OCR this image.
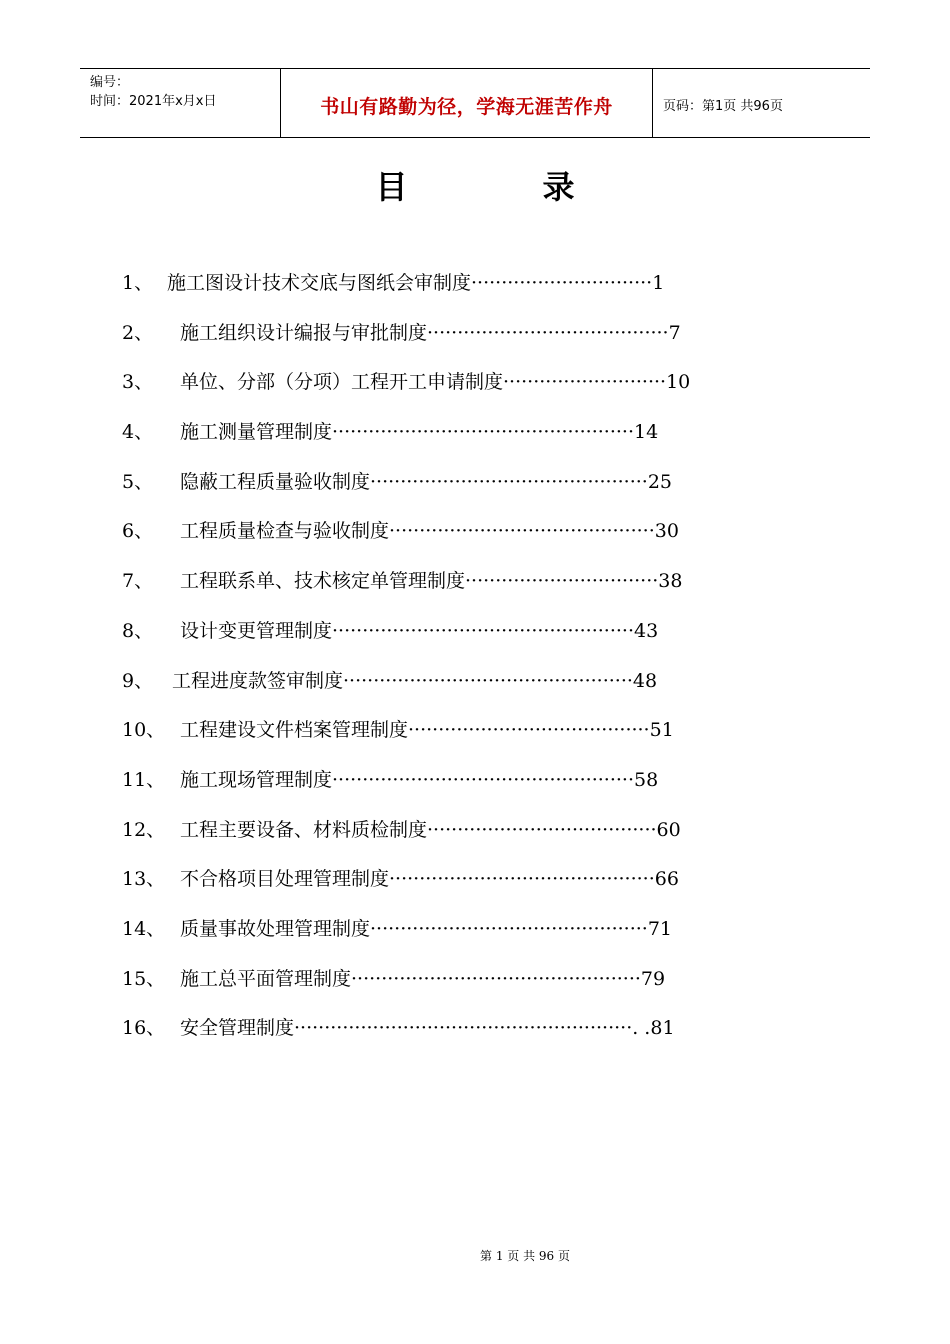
编号：
时间：2021年x月x日	书山有路勤为径，学海无涯苦作舟	页码：第1页 共96页
目	录
1、 施工图设计技术交底与图纸会审制度······························1
2、 施工组织设计编报与审批制度········································7
3、 单位、分部（分项）工程开工申请制度···························10
4、 施工测量管理制度··················································14
5、 隐蔽工程质量验收制度··············································25
6、 工程质量检查与验收制度············································30
7、 工程联系单、技术核定单管理制度································38
8、 设计变更管理制度··················································43
9、 工程进度款签审制度················································48
10、 工程建设文件档案管理制度········································51
11、 施工现场管理制度··················································58
12、 工程主要设备、材料质检制度······································60
13、 不合格项目处理管理制度············································66
14、 质量事故处理管理制度··············································71
15、 施工总平面管理制度················································79
16、 安全管理制度························································. .81
第 1 页 共 96 页
